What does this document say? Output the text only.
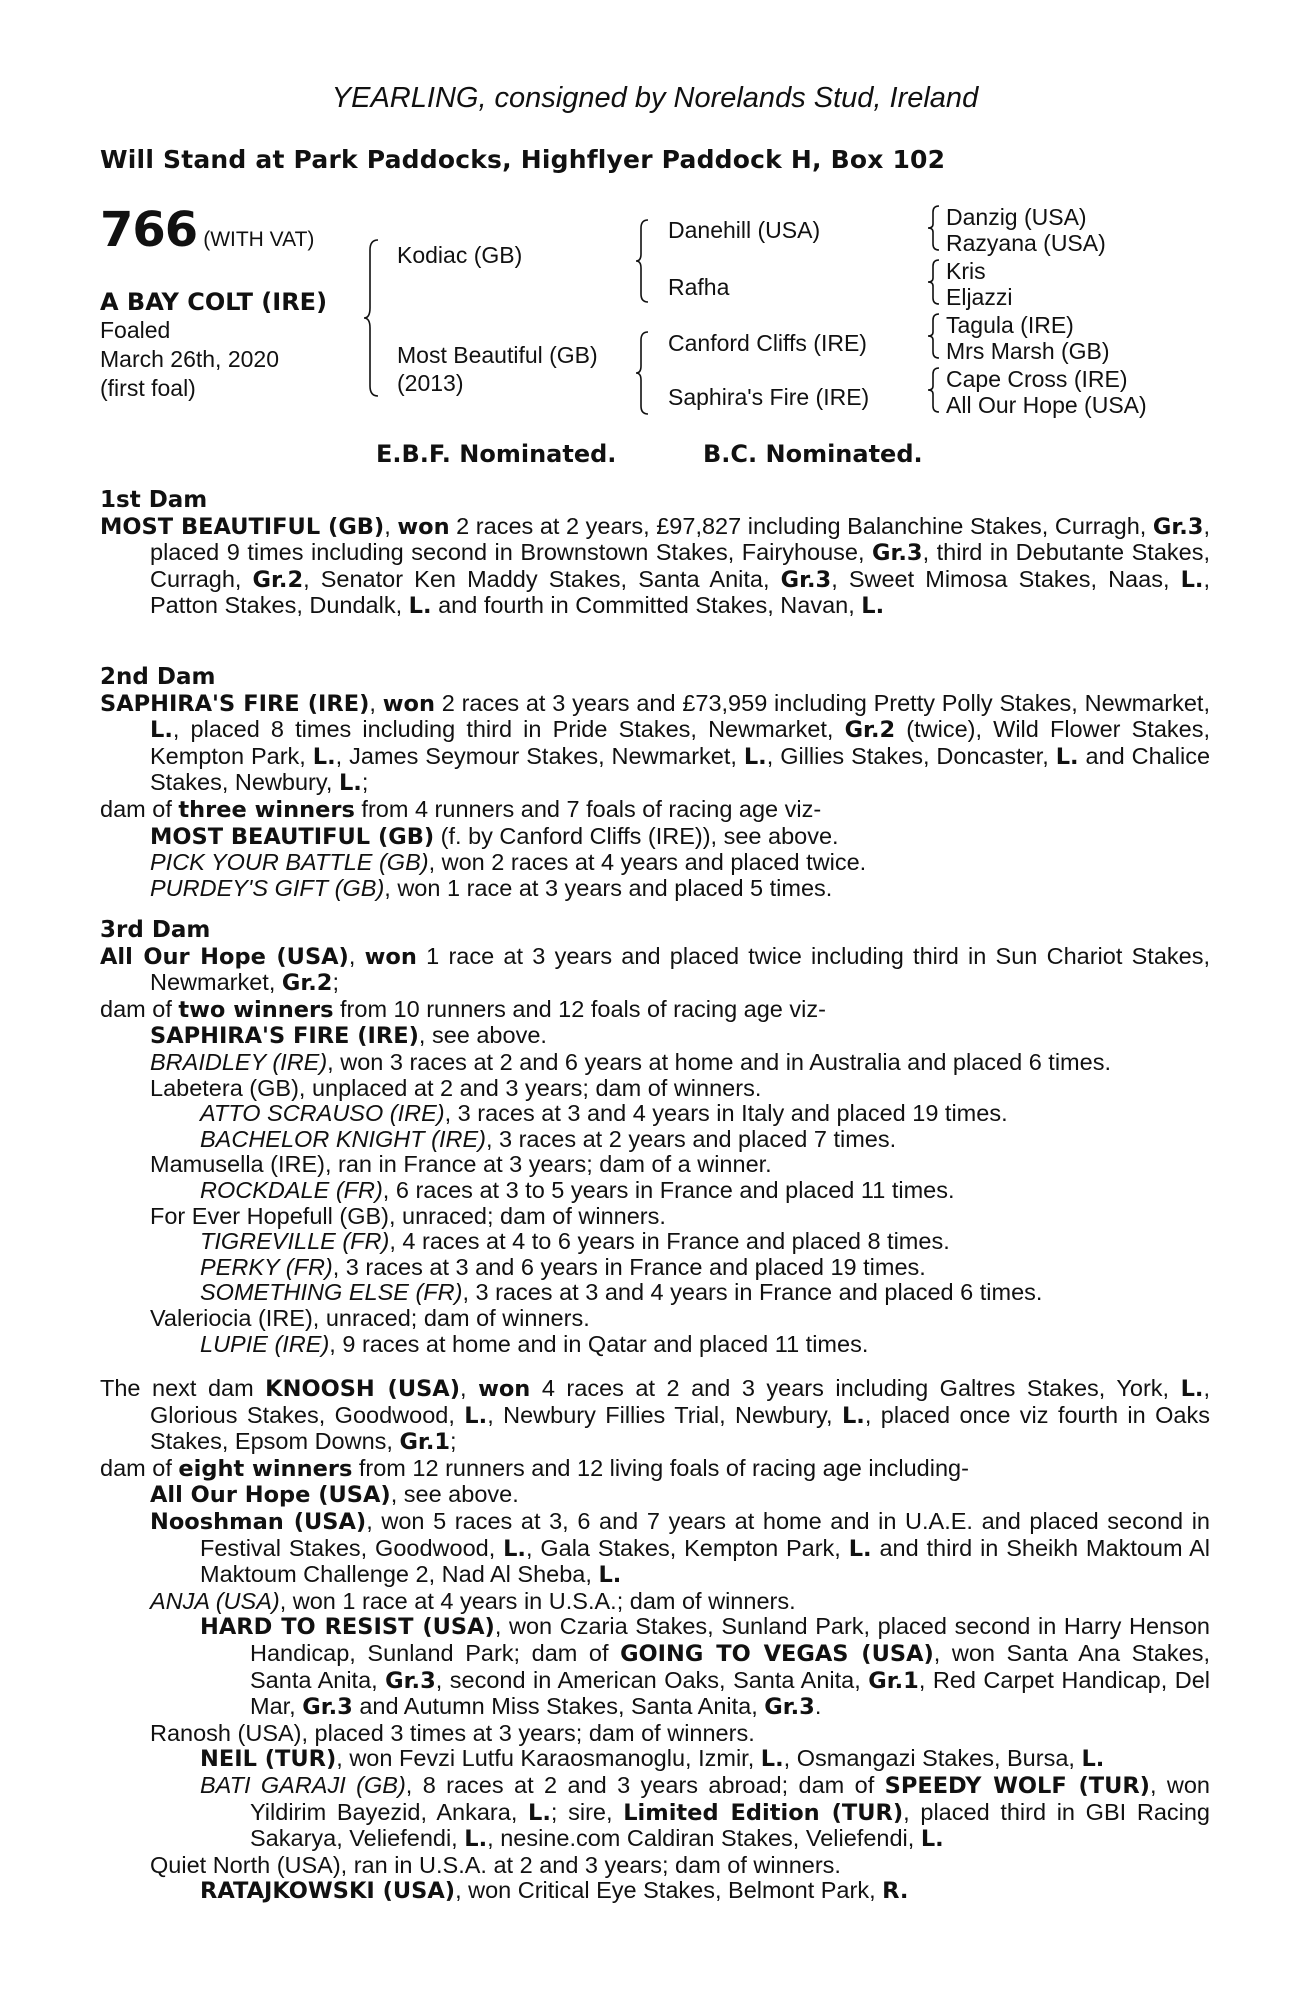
YEARLING, consigned by Norelands Stud, Ireland
Will Stand at Park Paddocks, Highflyer Paddock H, Box 102
766 (WITH VAT)
A BAY COLT (IRE)
Foaled
March 26th, 2020
(first foal)
Kodiac (GB)
Most Beautiful (GB)
(2013)
Danehill (USA)
Rafha
Canford Cliffs (IRE)
Saphira's Fire (IRE)
Danzig (USA)
Razyana (USA)
Kris
Eljazzi
Tagula (IRE)
Mrs Marsh (GB)
Cape Cross (IRE)
All Our Hope (USA)
E.B.F. Nominated.	B.C. Nominated.
1st Dam
MOST BEAUTIFUL (GB), won 2 races at 2 years, £97,827 including Balanchine Stakes, Curragh, Gr.3, placed 9 times including second in Brownstown Stakes, Fairyhouse, Gr.3, third in Debutante Stakes, Curragh, Gr.2, Senator Ken Maddy Stakes, Santa Anita, Gr.3, Sweet Mimosa Stakes, Naas, L., Patton Stakes, Dundalk, L. and fourth in Committed Stakes, Navan, L.
2nd Dam
SAPHIRA'S FIRE (IRE), won 2 races at 3 years and £73,959 including Pretty Polly Stakes, Newmarket, L., placed 8 times including third in Pride Stakes, Newmarket, Gr.2 (twice), Wild Flower Stakes, Kempton Park, L., James Seymour Stakes, Newmarket, L., Gillies Stakes, Doncaster, L. and Chalice Stakes, Newbury, L.;
dam of three winners from 4 runners and 7 foals of racing age viz-
MOST BEAUTIFUL (GB) (f. by Canford Cliffs (IRE)), see above.
PICK YOUR BATTLE (GB), won 2 races at 4 years and placed twice.
PURDEY'S GIFT (GB), won 1 race at 3 years and placed 5 times.
3rd Dam
All Our Hope (USA), won 1 race at 3 years and placed twice including third in Sun Chariot Stakes, Newmarket, Gr.2;
dam of two winners from 10 runners and 12 foals of racing age viz-
SAPHIRA'S FIRE (IRE), see above.
BRAIDLEY (IRE), won 3 races at 2 and 6 years at home and in Australia and placed 6 times.
Labetera (GB), unplaced at 2 and 3 years; dam of winners.
ATTO SCRAUSO (IRE), 3 races at 3 and 4 years in Italy and placed 19 times.
BACHELOR KNIGHT (IRE), 3 races at 2 years and placed 7 times.
Mamusella (IRE), ran in France at 3 years; dam of a winner.
ROCKDALE (FR), 6 races at 3 to 5 years in France and placed 11 times.
For Ever Hopefull (GB), unraced; dam of winners.
TIGREVILLE (FR), 4 races at 4 to 6 years in France and placed 8 times.
PERKY (FR), 3 races at 3 and 6 years in France and placed 19 times.
SOMETHING ELSE (FR), 3 races at 3 and 4 years in France and placed 6 times.
Valeriocia (IRE), unraced; dam of winners.
LUPIE (IRE), 9 races at home and in Qatar and placed 11 times.
The next dam KNOOSH (USA), won 4 races at 2 and 3 years including Galtres Stakes, York, L., Glorious Stakes, Goodwood, L., Newbury Fillies Trial, Newbury, L., placed once viz fourth in Oaks Stakes, Epsom Downs, Gr.1;
dam of eight winners from 12 runners and 12 living foals of racing age including-
All Our Hope (USA), see above.
Nooshman (USA), won 5 races at 3, 6 and 7 years at home and in U.A.E. and placed second in Festival Stakes, Goodwood, L., Gala Stakes, Kempton Park, L. and third in Sheikh Maktoum Al Maktoum Challenge 2, Nad Al Sheba, L.
ANJA (USA), won 1 race at 4 years in U.S.A.; dam of winners.
HARD TO RESIST (USA), won Czaria Stakes, Sunland Park, placed second in Harry Henson Handicap, Sunland Park; dam of GOING TO VEGAS (USA), won Santa Ana Stakes, Santa Anita, Gr.3, second in American Oaks, Santa Anita, Gr.1, Red Carpet Handicap, Del Mar, Gr.3 and Autumn Miss Stakes, Santa Anita, Gr.3.
Ranosh (USA), placed 3 times at 3 years; dam of winners.
NEIL (TUR), won Fevzi Lutfu Karaosmanoglu, Izmir, L., Osmangazi Stakes, Bursa, L.
BATI GARAJI (GB), 8 races at 2 and 3 years abroad; dam of SPEEDY WOLF (TUR), won Yildirim Bayezid, Ankara, L.; sire, Limited Edition (TUR), placed third in GBI Racing Sakarya, Veliefendi, L., nesine.com Caldiran Stakes, Veliefendi, L.
Quiet North (USA), ran in U.S.A. at 2 and 3 years; dam of winners.
RATAJKOWSKI (USA), won Critical Eye Stakes, Belmont Park, R.
